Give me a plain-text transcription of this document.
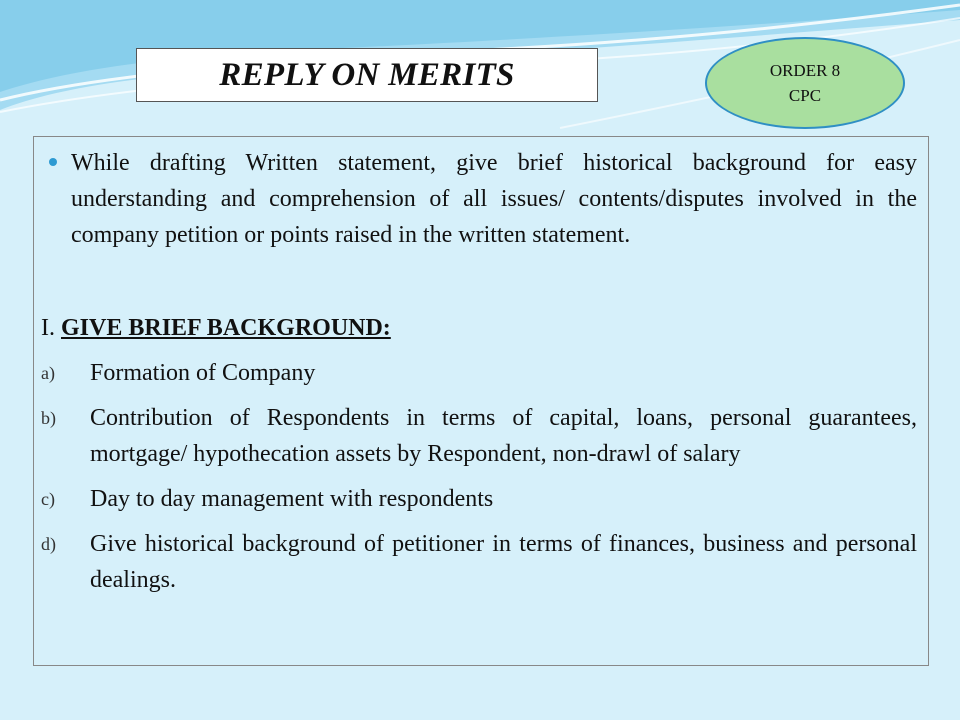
REPLY ON MERITS	ORDER 8
CPC
While drafting Written statement, give brief historical background for easy understanding and comprehension of all issues/ contents/disputes involved in the company petition or points raised in the written statement.
I. GIVE BRIEF BACKGROUND:
a)	Formation of Company
b)	Contribution of Respondents in terms of capital, loans, personal guarantees, mortgage/ hypothecation assets by Respondent, non-drawl of salary
c)	Day to day management with respondents
d)	Give historical background of petitioner in terms of finances, business and personal dealings.
